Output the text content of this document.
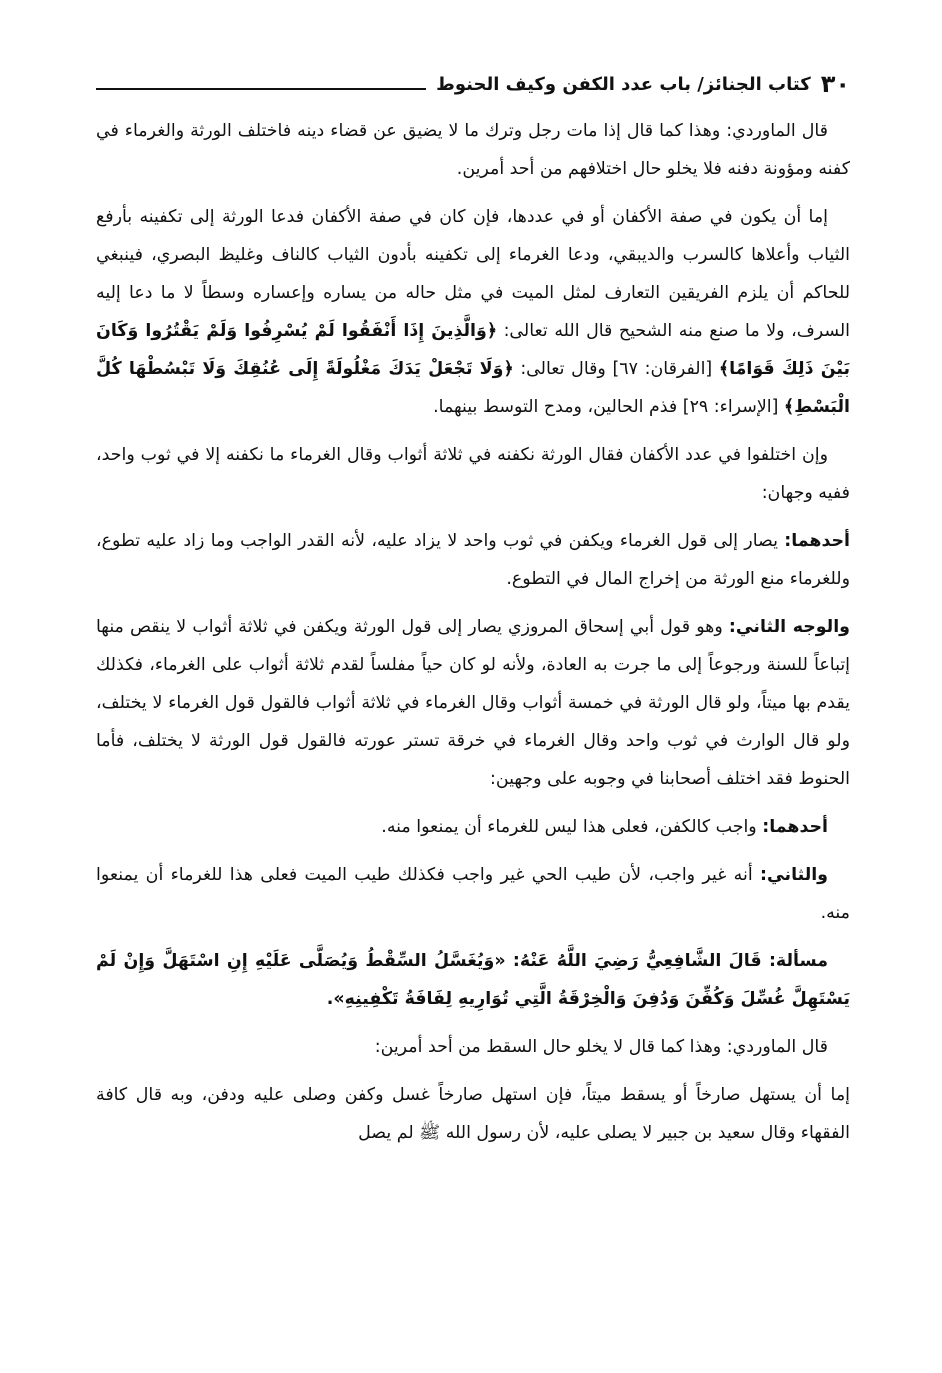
٣٠
كتاب الجنائز/ باب عدد الكفن وكيف الحنوط

قال الماوردي: وهذا كما قال إذا مات رجل وترك ما لا يضيق عن قضاء دينه فاختلف الورثة والغرماء في كفنه ومؤونة دفنه فلا يخلو حال اختلافهم من أحد أمرين.

إما أن يكون في صفة الأكفان أو في عددها، فإن كان في صفة الأكفان فدعا الورثة إلى تكفينه بأرفع الثياب وأعلاها كالسرب والديبقي، ودعا الغرماء إلى تكفينه بأدون الثياب كالناف وغليظ البصري، فينبغي للحاكم أن يلزم الفريقين التعارف لمثل الميت في مثل حاله من يساره وإعساره وسطاً لا ما دعا إليه السرف، ولا ما صنع منه الشحيح قال الله تعالى: ﴿وَالَّذِينَ إِذَا أَنْفَقُوا لَمْ يُسْرِفُوا وَلَمْ يَقْتُرُوا وَكَانَ بَيْنَ ذَلِكَ قَوَامًا﴾ [الفرقان: ٦٧] وقال تعالى: ﴿وَلَا تَجْعَلْ يَدَكَ مَغْلُولَةً إِلَى عُنُقِكَ وَلَا تَبْسُطْهَا كُلَّ الْبَسْطِ﴾ [الإسراء: ٢٩] فذم الحالين، ومدح التوسط بينهما.

وإن اختلفوا في عدد الأكفان فقال الورثة نكفنه في ثلاثة أثواب وقال الغرماء ما نكفنه إلا في ثوب واحد، ففيه وجهان:

أحدهما: يصار إلى قول الغرماء ويكفن في ثوب واحد لا يزاد عليه، لأنه القدر الواجب وما زاد عليه تطوع، وللغرماء منع الورثة من إخراج المال في التطوع.

والوجه الثاني: وهو قول أبي إسحاق المروزي يصار إلى قول الورثة ويكفن في ثلاثة أثواب لا ينقص منها إتباعاً للسنة ورجوعاً إلى ما جرت به العادة، ولأنه لو كان حياً مفلساً لقدم ثلاثة أثواب على الغرماء، فكذلك يقدم بها ميتاً، ولو قال الورثة في خمسة أثواب وقال الغرماء في ثلاثة أثواب فالقول قول الغرماء لا يختلف، ولو قال الوارث في ثوب واحد وقال الغرماء في خرقة تستر عورته فالقول قول الورثة لا يختلف، فأما الحنوط فقد اختلف أصحابنا في وجوبه على وجهين:

أحدهما: واجب كالكفن، فعلى هذا ليس للغرماء أن يمنعوا منه.

والثاني: أنه غير واجب، لأن طيب الحي غير واجب فكذلك طيب الميت فعلى هذا للغرماء أن يمنعوا منه.

مسألة: قَالَ الشَّافِعِيُّ رَضِيَ اللَّهُ عَنْهُ: «وَيُغَسَّلُ السِّقْطُ وَيُصَلَّى عَلَيْهِ إِنِ اسْتَهَلَّ وَإِنْ لَمْ يَسْتَهِلَّ غُسِّلَ وَكُفِّنَ وَدُفِنَ وَالْخِرْقَةُ الَّتِي تُوَارِيهِ لِفَافَةُ تَكْفِينِهِ».

قال الماوردي: وهذا كما قال لا يخلو حال السقط من أحد أمرين:

إما أن يستهل صارخاً أو يسقط ميتاً، فإن استهل صارخاً غسل وكفن وصلى عليه ودفن، وبه قال كافة الفقهاء وقال سعيد بن جبير لا يصلى عليه، لأن رسول الله ﷺ لم يصل
